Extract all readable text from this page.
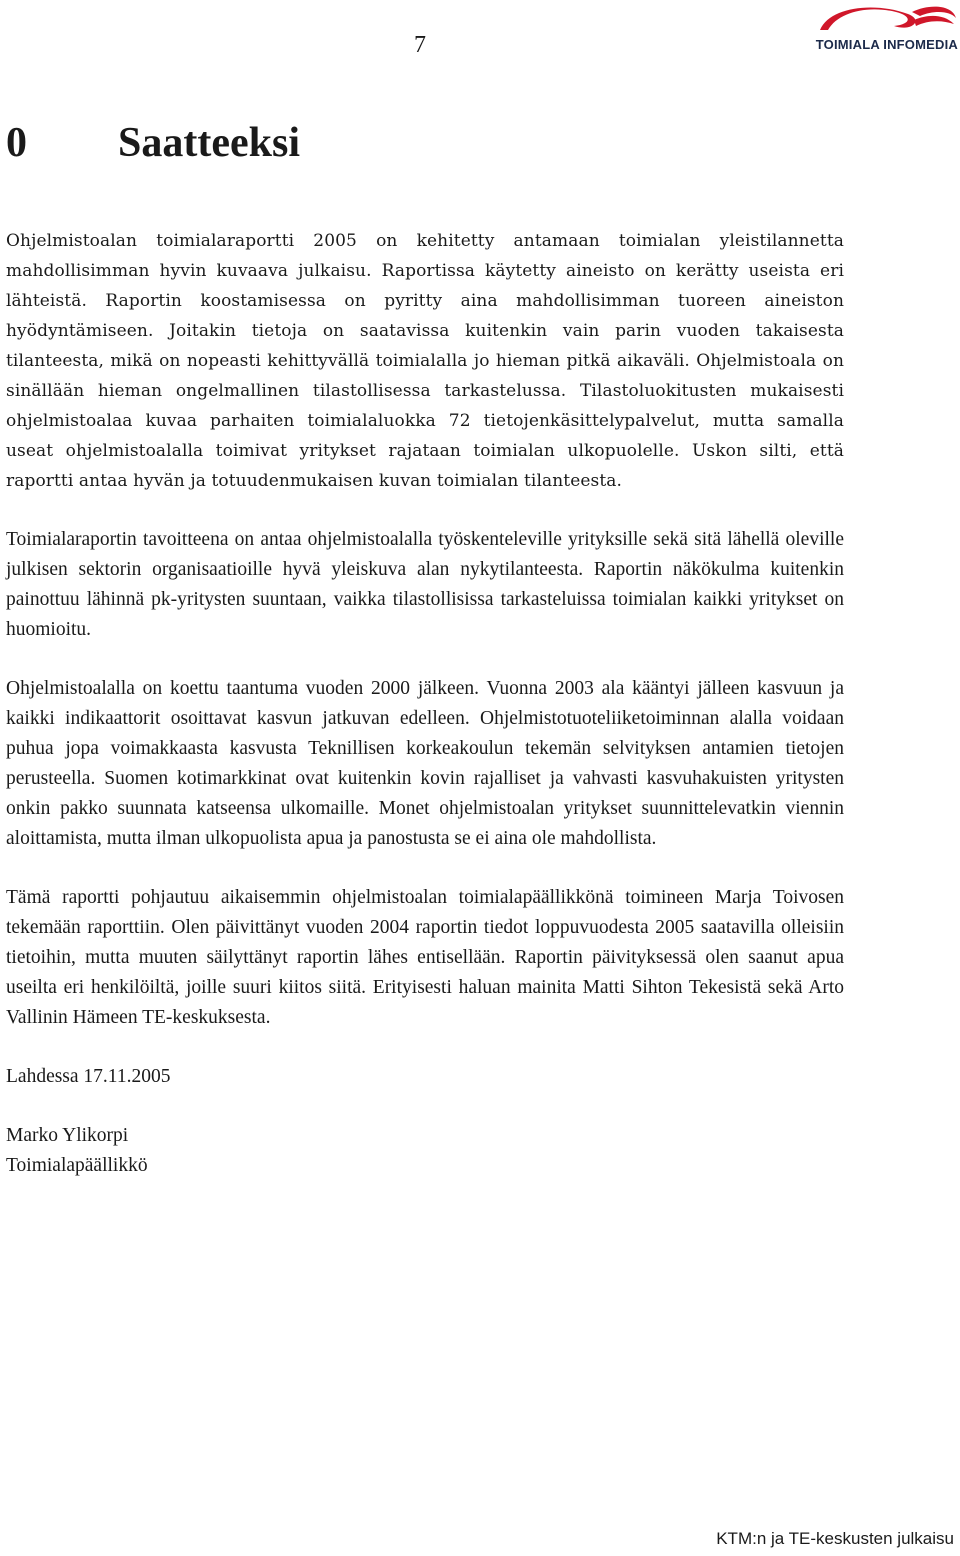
7	TOIMIALA INFOMEDIA
0 Saatteeksi

Ohjelmistoalan toimialaraportti 2005 on kehitetty antamaan toimialan yleistilannetta mahdollisimman hyvin kuvaava julkaisu. Raportissa käytetty aineisto on kerätty useista eri lähteistä. Raportin koostamisessa on pyritty aina mahdollisimman tuoreen aineiston hyödyntämiseen. Joitakin tietoja on saatavissa kuitenkin vain parin vuoden takaisesta tilanteesta, mikä on nopeasti kehittyvällä toimialalla jo hieman pitkä aikaväli. Ohjelmistoala on sinällään hieman ongelmallinen tilastollisessa tarkastelussa. Tilastoluokitusten mukaisesti ohjelmistoalaa kuvaa parhaiten toimialaluokka 72 tietojenkäsittelypalvelut, mutta samalla useat ohjelmistoalalla toimivat yritykset rajataan toimialan ulkopuolelle. Uskon silti, että raportti antaa hyvän ja totuudenmukaisen kuvan toimialan tilanteesta.

Toimialaraportin tavoitteena on antaa ohjelmistoalalla työskenteleville yrityksille sekä sitä lähellä oleville julkisen sektorin organisaatioille hyvä yleiskuva alan nykytilanteesta. Raportin näkökulma kuitenkin painottuu lähinnä pk-yritysten suuntaan, vaikka tilastollisissa tarkasteluissa toimialan kaikki yritykset on huomioitu.

Ohjelmistoalalla on koettu taantuma vuoden 2000 jälkeen. Vuonna 2003 ala kääntyi jälleen kasvuun ja kaikki indikaattorit osoittavat kasvun jatkuvan edelleen. Ohjelmistotuoteliiketoiminnan alalla voidaan puhua jopa voimakkaasta kasvusta Teknillisen korkeakoulun tekemän selvityksen antamien tietojen perusteella. Suomen kotimarkkinat ovat kuitenkin kovin rajalliset ja vahvasti kasvuhakuisten yritysten onkin pakko suunnata katseensa ulkomaille. Monet ohjelmistoalan yritykset suunnittelevatkin viennin aloittamista, mutta ilman ulkopuolista apua ja panostusta se ei aina ole mahdollista.

Tämä raportti pohjautuu aikaisemmin ohjelmistoalan toimialapäällikkönä toimineen Marja Toivosen tekemään raporttiin. Olen päivittänyt vuoden 2004 raportin tiedot loppuvuodesta 2005 saatavilla olleisiin tietoihin, mutta muuten säilyttänyt raportin lähes entisellään. Raportin päivityksessä olen saanut apua useilta eri henkilöiltä, joille suuri kiitos siitä. Erityisesti haluan mainita Matti Sihton Tekesistä sekä Arto Vallinin Hämeen TE-keskuksesta.

Lahdessa 17.11.2005

Marko Ylikorpi

Toimialapäällikkö

KTM:n ja TE-keskusten julkaisu
